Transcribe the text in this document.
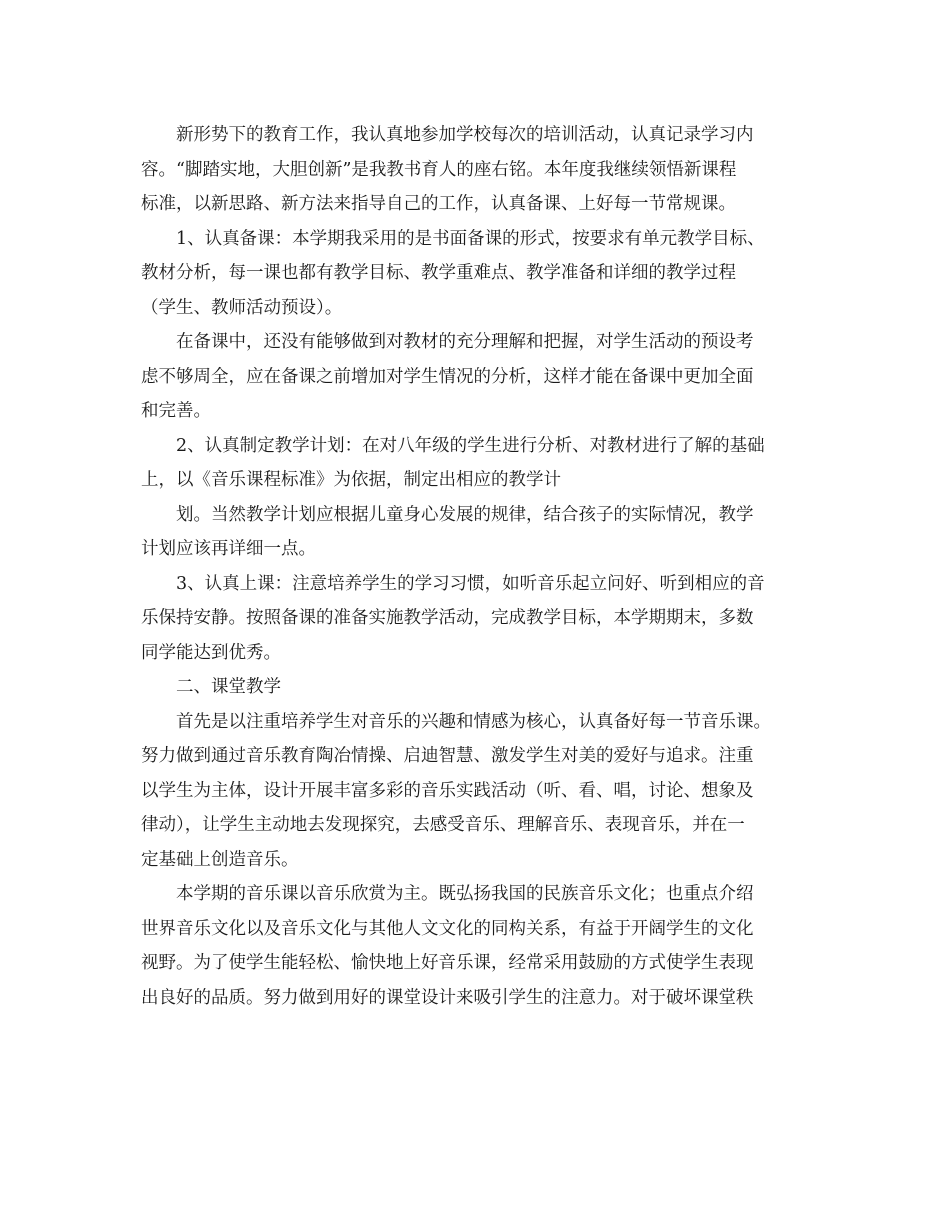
新形势下的教育工作，我认真地参加学校每次的培训活动，认真记录学习内
容。“脚踏实地，大胆创新”是我教书育人的座右铭。本年度我继续领悟新课程
标准，以新思路、新方法来指导自己的工作，认真备课、上好每一节常规课。
1、认真备课：本学期我采用的是书面备课的形式，按要求有单元教学目标、
教材分析，每一课也都有教学目标、教学重难点、教学准备和详细的教学过程
（学生、教师活动预设）。
在备课中，还没有能够做到对教材的充分理解和把握，对学生活动的预设考
虑不够周全，应在备课之前增加对学生情况的分析，这样才能在备课中更加全面
和完善。
2、认真制定教学计划：在对八年级的学生进行分析、对教材进行了解的基础
上，以《音乐课程标准》为依据，制定出相应的教学计
划。当然教学计划应根据儿童身心发展的规律，结合孩子的实际情况，教学
计划应该再详细一点。
3、认真上课：注意培养学生的学习习惯，如听音乐起立问好、听到相应的音
乐保持安静。按照备课的准备实施教学活动，完成教学目标，本学期期末，多数
同学能达到优秀。
二、课堂教学
首先是以注重培养学生对音乐的兴趣和情感为核心，认真备好每一节音乐课。
努力做到通过音乐教育陶冶情操、启迪智慧、激发学生对美的爱好与追求。注重
以学生为主体，设计开展丰富多彩的音乐实践活动（听、看、唱，讨论、想象及
律动），让学生主动地去发现探究，去感受音乐、理解音乐、表现音乐，并在一
定基础上创造音乐。
本学期的音乐课以音乐欣赏为主。既弘扬我国的民族音乐文化；也重点介绍
世界音乐文化以及音乐文化与其他人文文化的同构关系，有益于开阔学生的文化
视野。为了使学生能轻松、愉快地上好音乐课，经常采用鼓励的方式使学生表现
出良好的品质。努力做到用好的课堂设计来吸引学生的注意力。对于破坏课堂秩
